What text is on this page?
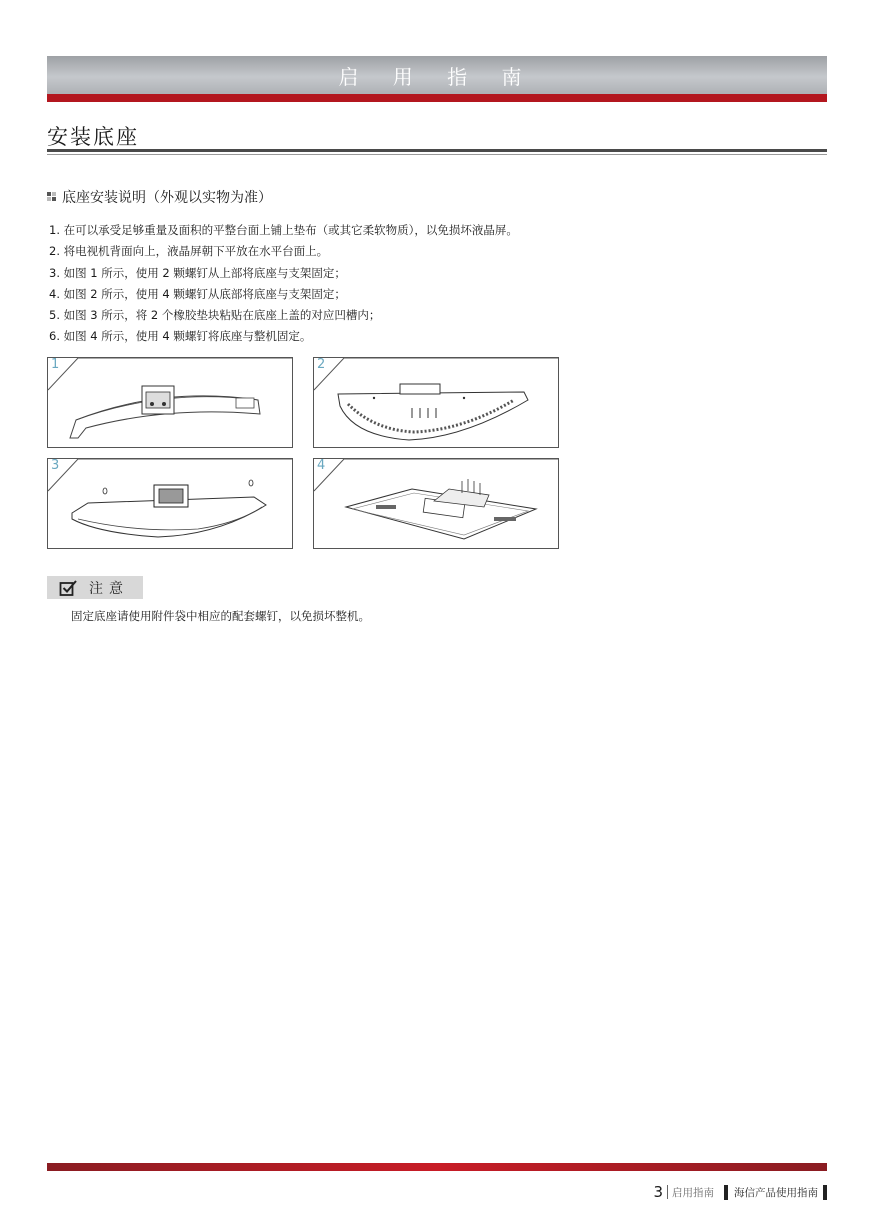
启 用 指 南
安装底座
底座安装说明（外观以实物为准）
1. 在可以承受足够重量及面积的平整台面上铺上垫布（或其它柔软物质），以免损坏液晶屏。
2. 将电视机背面向上，液晶屏朝下平放在水平台面上。
3. 如图 1 所示，使用 2 颗螺钉从上部将底座与支架固定；
4. 如图 2 所示，使用 4 颗螺钉从底部将底座与支架固定；
5. 如图 3 所示，将 2 个橡胶垫块粘贴在底座上盖的对应凹槽内；
6. 如图 4 所示，使用 4 颗螺钉将底座与整机固定。
1	2
3	4
注意
固定底座请使用附件袋中相应的配套螺钉，以免损坏整机。
3 启用指南 海信产品使用指南
